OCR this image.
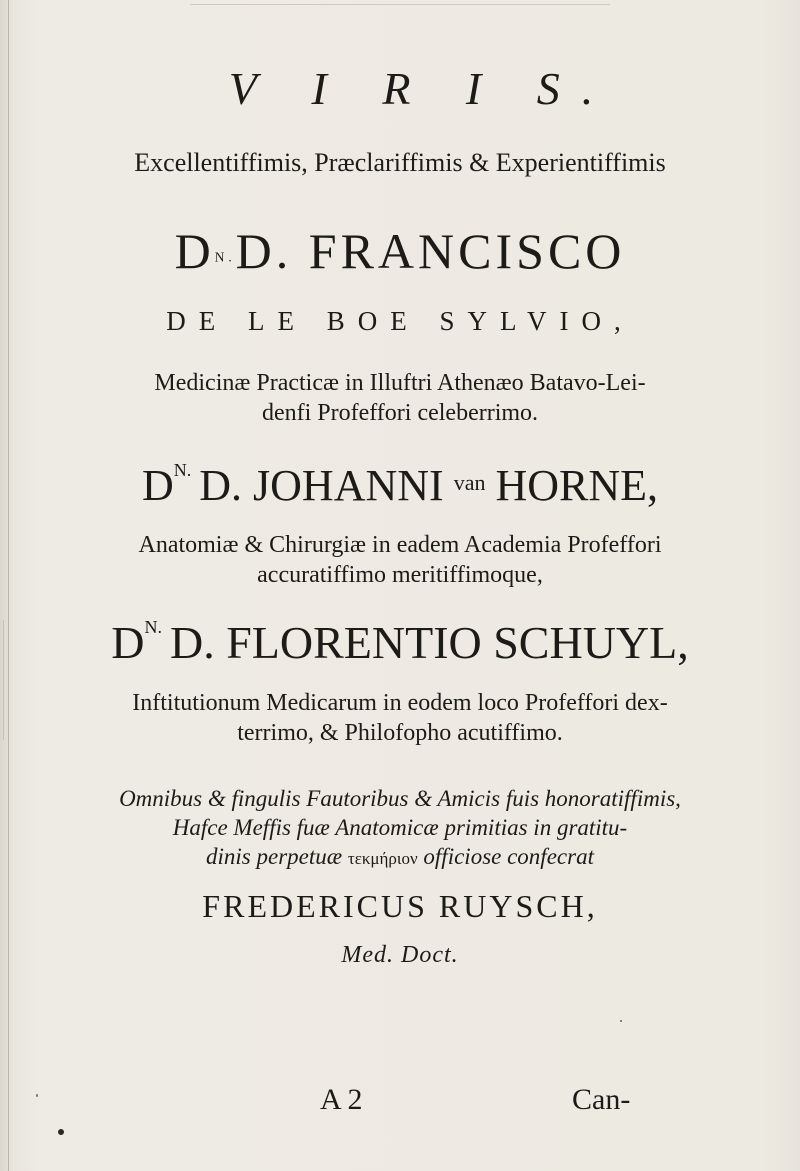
V I R I S.
Excellentiffimis, Præclariffimis & Experientiffimis
$D^{N.}D$. FRANCISCO
DE LE BOE SYLVIO,
Medicinæ Practicæ in Illuftri Athenæo Batavo-Lei-
denfi Profeffori celeberrimo.
$D^{N.}$ D. JOHANNI $^{van}$ HORNE,
Anatomiæ & Chirurgiæ in eadem Academia Profeffori
accuratiffimo meritiffimoque,
$D^{N.}$ D. FLORENTIO SCHUYL,
Inftitutionum Medicarum in eodem loco Profeffori dex-
terrimo, & Philofopho acutiffimo.
Omnibus & fingulis Fautoribus & Amicis fuis honoratiffimis,
Hafce Meffis fuæ Anatomicæ primitias in gratitu-
dinis perpetuæ τεκμήριον officiose confecrat
FREDERICUS RUYSCH,
Med. Doct.
A 2	Can-
